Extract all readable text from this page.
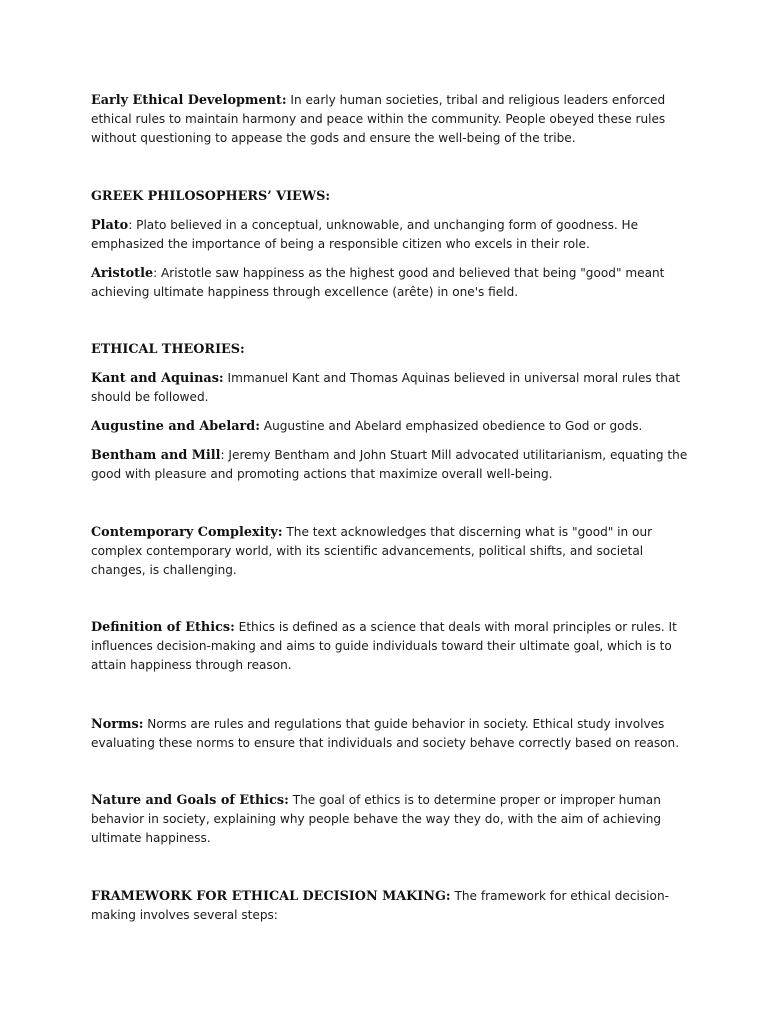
Early Ethical Development: In early human societies, tribal and religious leaders enforced ethical rules to maintain harmony and peace within the community. People obeyed these rules without questioning to appease the gods and ensure the well-being of the tribe.

GREEK PHILOSOPHERS’ VIEWS:

Plato: Plato believed in a conceptual, unknowable, and unchanging form of goodness. He emphasized the importance of being a responsible citizen who excels in their role.

Aristotle: Aristotle saw happiness as the highest good and believed that being "good" meant achieving ultimate happiness through excellence (arête) in one's field.

ETHICAL THEORIES:

Kant and Aquinas: Immanuel Kant and Thomas Aquinas believed in universal moral rules that should be followed.

Augustine and Abelard: Augustine and Abelard emphasized obedience to God or gods.

Bentham and Mill: Jeremy Bentham and John Stuart Mill advocated utilitarianism, equating the good with pleasure and promoting actions that maximize overall well-being.

Contemporary Complexity: The text acknowledges that discerning what is "good" in our complex contemporary world, with its scientific advancements, political shifts, and societal changes, is challenging.

Definition of Ethics: Ethics is defined as a science that deals with moral principles or rules. It influences decision-making and aims to guide individuals toward their ultimate goal, which is to attain happiness through reason.

Norms: Norms are rules and regulations that guide behavior in society. Ethical study involves evaluating these norms to ensure that individuals and society behave correctly based on reason.

Nature and Goals of Ethics: The goal of ethics is to determine proper or improper human behavior in society, explaining why people behave the way they do, with the aim of achieving ultimate happiness.

FRAMEWORK FOR ETHICAL DECISION MAKING: The framework for ethical decision-making involves several steps:
